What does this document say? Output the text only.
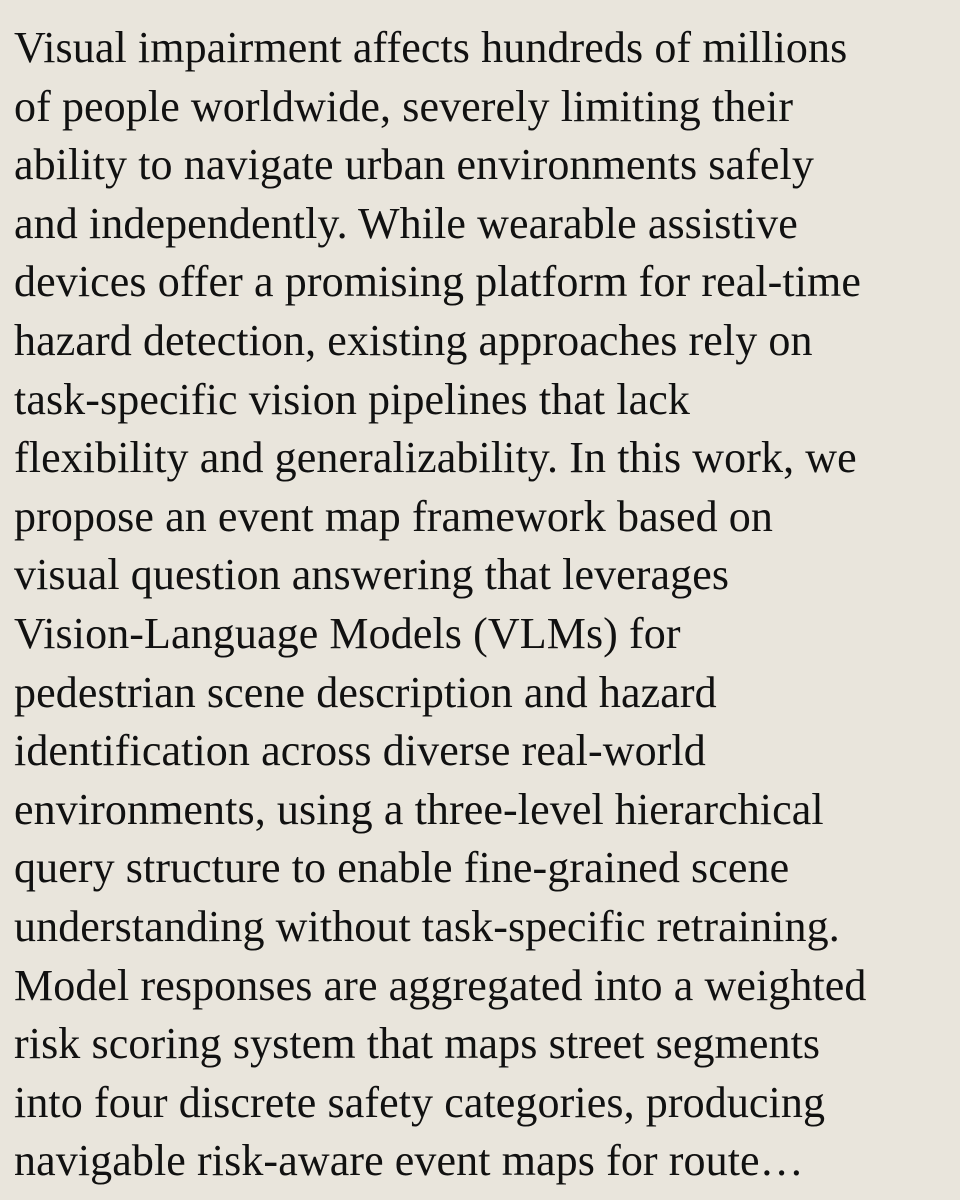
Visual impairment affects hundreds of millions
of people worldwide, severely limiting their
ability to navigate urban environments safely
and independently. While wearable assistive
devices offer a promising platform for real-time
hazard detection, existing approaches rely on
task-specific vision pipelines that lack
flexibility and generalizability. In this work, we
propose an event map framework based on
visual question answering that leverages
Vision-Language Models (VLMs) for
pedestrian scene description and hazard
identification across diverse real-world
environments, using a three-level hierarchical
query structure to enable fine-grained scene
understanding without task-specific retraining.
Model responses are aggregated into a weighted
risk scoring system that maps street segments
into four discrete safety categories, producing
navigable risk-aware event maps for route…
